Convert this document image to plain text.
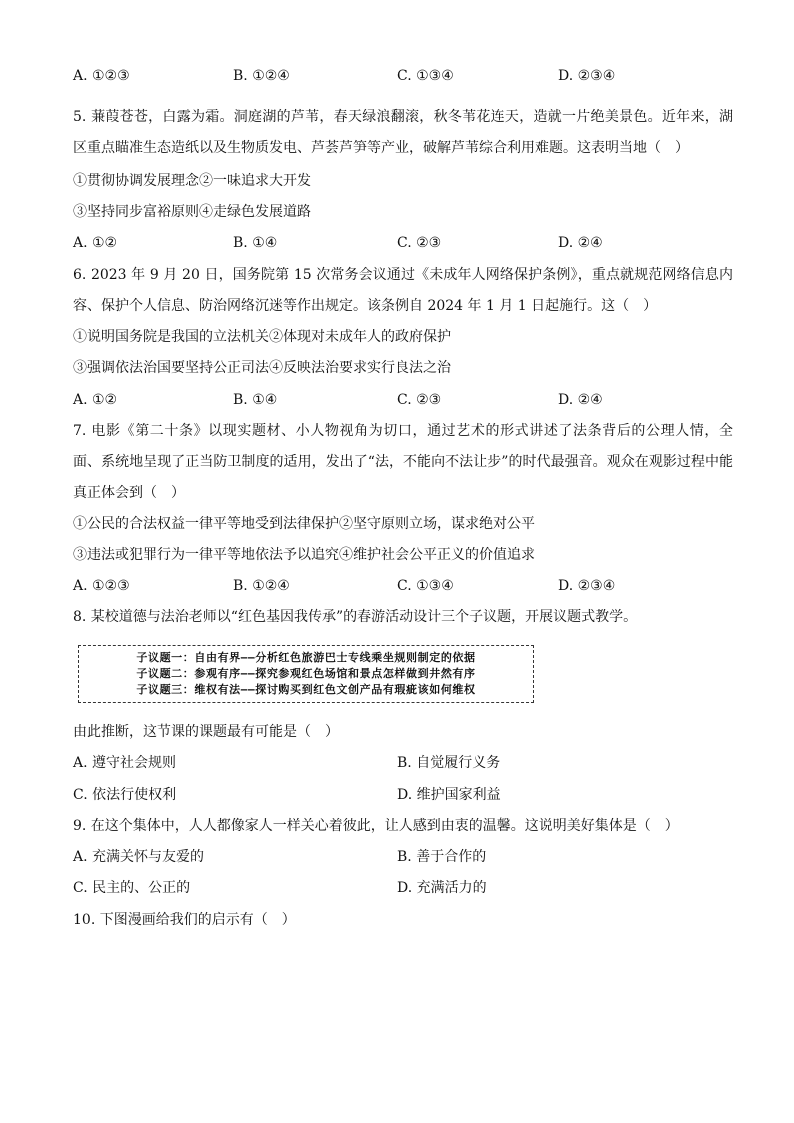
A. ①②③	B. ①②④	C. ①③④	D. ②③④
5. 蒹葭苍苍，白露为霜。洞庭湖的芦苇，春天绿浪翻滚，秋冬苇花连天，造就一片绝美景色。近年来，湖区重点瞄准生态造纸以及生物质发电、芦荟芦笋等产业，破解芦苇综合利用难题。这表明当地（　）
①贯彻协调发展理念②一味追求大开发
③坚持同步富裕原则④走绿色发展道路
A. ①②	B. ①④	C. ②③	D. ②④
6. 2023 年 9 月 20 日，国务院第 15 次常务会议通过《未成年人网络保护条例》，重点就规范网络信息内容、保护个人信息、防治网络沉迷等作出规定。该条例自 2024 年 1 月 1 日起施行。这（　）
①说明国务院是我国的立法机关②体现对未成年人的政府保护
③强调依法治国要坚持公正司法④反映法治要求实行良法之治
A. ①②	B. ①④	C. ②③	D. ②④
7. 电影《第二十条》以现实题材、小人物视角为切口，通过艺术的形式讲述了法条背后的公理人情，全面、系统地呈现了正当防卫制度的适用，发出了“法，不能向不法让步”的时代最强音。观众在观影过程中能真正体会到（　）
①公民的合法权益一律平等地受到法律保护②坚守原则立场，谋求绝对公平
③违法或犯罪行为一律平等地依法予以追究④维护社会公平正义的价值追求
A. ①②③	B. ①②④	C. ①③④	D. ②③④
8. 某校道德与法治老师以“红色基因我传承”的春游活动设计三个子议题，开展议题式教学。
子议题一：自由有界——分析红色旅游巴士专线乘坐规则制定的依据
子议题二：参观有序——探究参观红色场馆和景点怎样做到井然有序
子议题三：维权有法——探讨购买到红色文创产品有瑕疵该如何维权
由此推断，这节课的课题最有可能是（　）
A. 遵守社会规则	B. 自觉履行义务
C. 依法行使权利	D. 维护国家利益
9. 在这个集体中，人人都像家人一样关心着彼此，让人感到由衷的温馨。这说明美好集体是（　）
A. 充满关怀与友爱的	B. 善于合作的
C. 民主的、公正的	D. 充满活力的
10. 下图漫画给我们的启示有（　）
